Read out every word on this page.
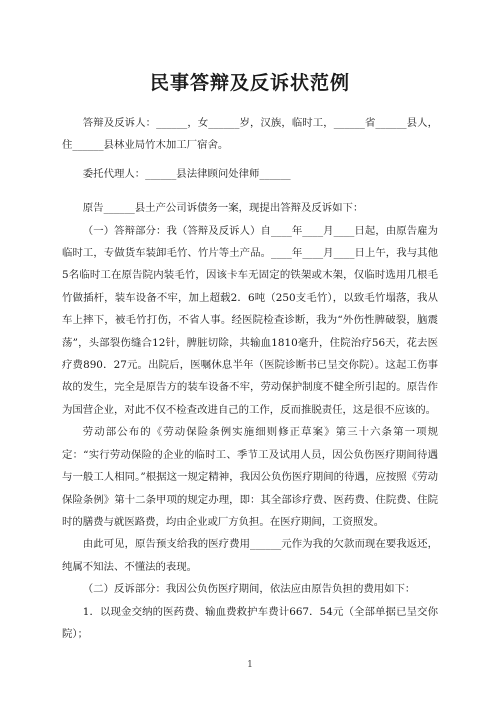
民事答辩及反诉状范例

答辩及反诉人：______，女______岁，汉族，临时工，______省______县人，住______县林业局竹木加工厂宿舍。

委托代理人：______县法律顾问处律师______

原告______县土产公司诉债务一案，现提出答辩及反诉如下：

（一）答辩部分：我（答辩及反诉人）自____年____月____日起，由原告雇为临时工，专做货车装卸毛竹、竹片等土产品。____年____月____日上午，我与其他5名临时工在原告院内装毛竹，因该卡车无固定的铁架或木架，仅临时选用几根毛竹做插杆，装车设备不牢，加上超载2．6吨（250支毛竹），以致毛竹塌落，我从车上摔下，被毛竹打伤，不省人事。经医院检查诊断，我为“外伤性脾破裂，脑震荡”，头部裂伤缝合12针，脾脏切除，共输血1810毫升，住院治疗56天，花去医疗费890．27元。出院后，医嘱休息半年（医院诊断书已呈交你院）。这起工伤事故的发生，完全是原告方的装车设备不牢，劳动保护制度不健全所引起的。原告作为国营企业，对此不仅不检查改进自己的工作，反而推脱责任，这是很不应该的。

劳动部公布的《劳动保险条例实施细则修正草案》第三十六条第一项规定：“实行劳动保险的企业的临时工、季节工及试用人员，因公负伤医疗期间待遇与一般工人相同。”根据这一规定精神，我因公负伤医疗期间的待遇，应按照《劳动保险条例》第十二条甲项的规定办理，即：其全部诊疗费、医药费、住院费、住院时的膳费与就医路费，均由企业或厂方负担。在医疗期间，工资照发。

由此可见，原告预支给我的医疗费用______元作为我的欠款而现在要我返还，纯属不知法、不懂法的表现。

（二）反诉部分：我因公负伤医疗期间，依法应由原告负担的费用如下：

1．以现金交纳的医药费、输血费救护车费计667．54元（全部单据已呈交你院）；

1
